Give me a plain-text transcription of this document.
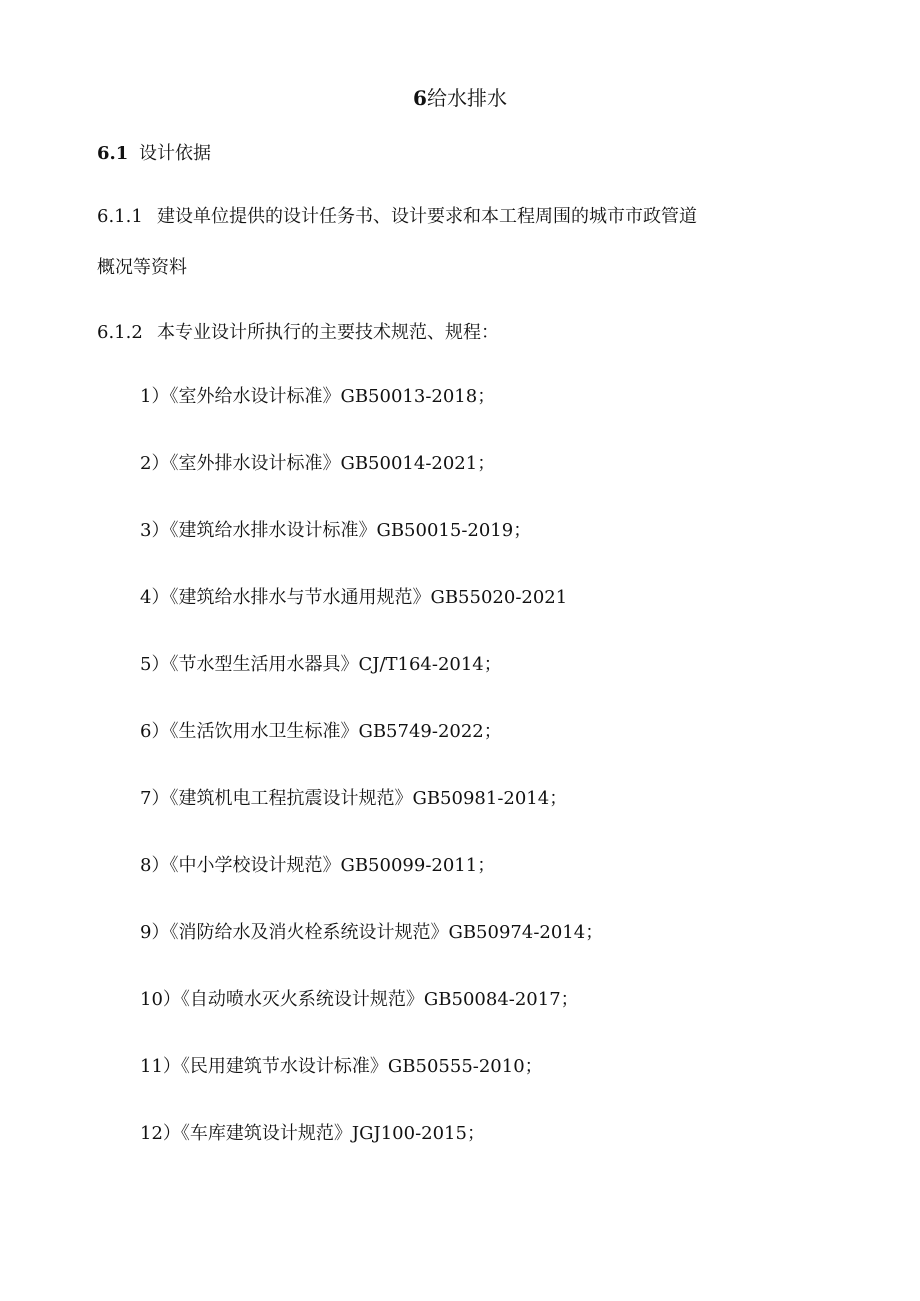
6给水排水
6.1 设计依据
6.1.1 建设单位提供的设计任务书、设计要求和本工程周围的城市市政管道
概况等资料
6.1.2 本专业设计所执行的主要技术规范、规程：
1）《室外给水设计标准》GB50013-2018；
2）《室外排水设计标准》GB50014-2021；
3）《建筑给水排水设计标准》GB50015-2019；
4）《建筑给水排水与节水通用规范》GB55020-2021
5）《节水型生活用水器具》CJ/T164-2014；
6）《生活饮用水卫生标准》GB5749-2022；
7）《建筑机电工程抗震设计规范》GB50981-2014；
8）《中小学校设计规范》GB50099-2011；
9）《消防给水及消火栓系统设计规范》GB50974-2014；
10）《自动喷水灭火系统设计规范》GB50084-2017；
11）《民用建筑节水设计标准》GB50555-2010；
12）《车库建筑设计规范》JGJ100-2015；
